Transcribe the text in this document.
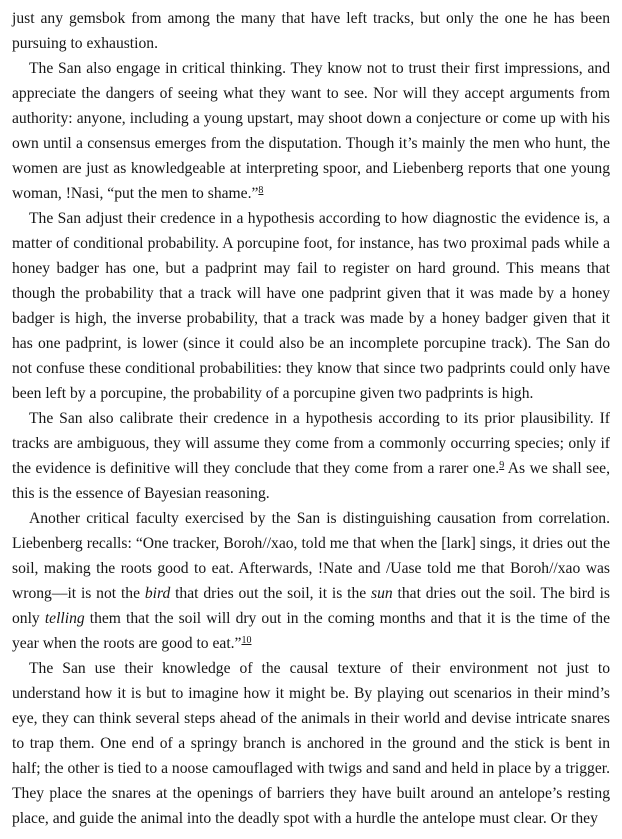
just any gemsbok from among the many that have left tracks, but only the one he has been pursuing to exhaustion.

The San also engage in critical thinking. They know not to trust their first impressions, and appreciate the dangers of seeing what they want to see. Nor will they accept arguments from authority: anyone, including a young upstart, may shoot down a conjecture or come up with his own until a consensus emerges from the disputation. Though it’s mainly the men who hunt, the women are just as knowledgeable at interpreting spoor, and Liebenberg reports that one young woman, !Nasi, “put the men to shame.”$^8$

The San adjust their credence in a hypothesis according to how diagnostic the evidence is, a matter of conditional probability. A porcupine foot, for instance, has two proximal pads while a honey badger has one, but a padprint may fail to register on hard ground. This means that though the probability that a track will have one padprint given that it was made by a honey badger is high, the inverse probability, that a track was made by a honey badger given that it has one padprint, is lower (since it could also be an incomplete porcupine track). The San do not confuse these conditional probabilities: they know that since two padprints could only have been left by a porcupine, the probability of a porcupine given two padprints is high.

The San also calibrate their credence in a hypothesis according to its prior plausibility. If tracks are ambiguous, they will assume they come from a commonly occurring species; only if the evidence is definitive will they conclude that they come from a rarer one.$^9$ As we shall see, this is the essence of Bayesian reasoning.

Another critical faculty exercised by the San is distinguishing causation from correlation. Liebenberg recalls: “One tracker, Boroh//xao, told me that when the [lark] sings, it dries out the soil, making the roots good to eat. Afterwards, !Nate and /Uase told me that Boroh//xao was wrong—it is not the bird that dries out the soil, it is the sun that dries out the soil. The bird is only telling them that the soil will dry out in the coming months and that it is the time of the year when the roots are good to eat.”$^{10}$

The San use their knowledge of the causal texture of their environment not just to understand how it is but to imagine how it might be. By playing out scenarios in their mind’s eye, they can think several steps ahead of the animals in their world and devise intricate snares to trap them. One end of a springy branch is anchored in the ground and the stick is bent in half; the other is tied to a noose camouflaged with twigs and sand and held in place by a trigger. They place the snares at the openings of barriers they have built around an antelope’s resting place, and guide the animal into the deadly spot with a hurdle the antelope must clear. Or they
